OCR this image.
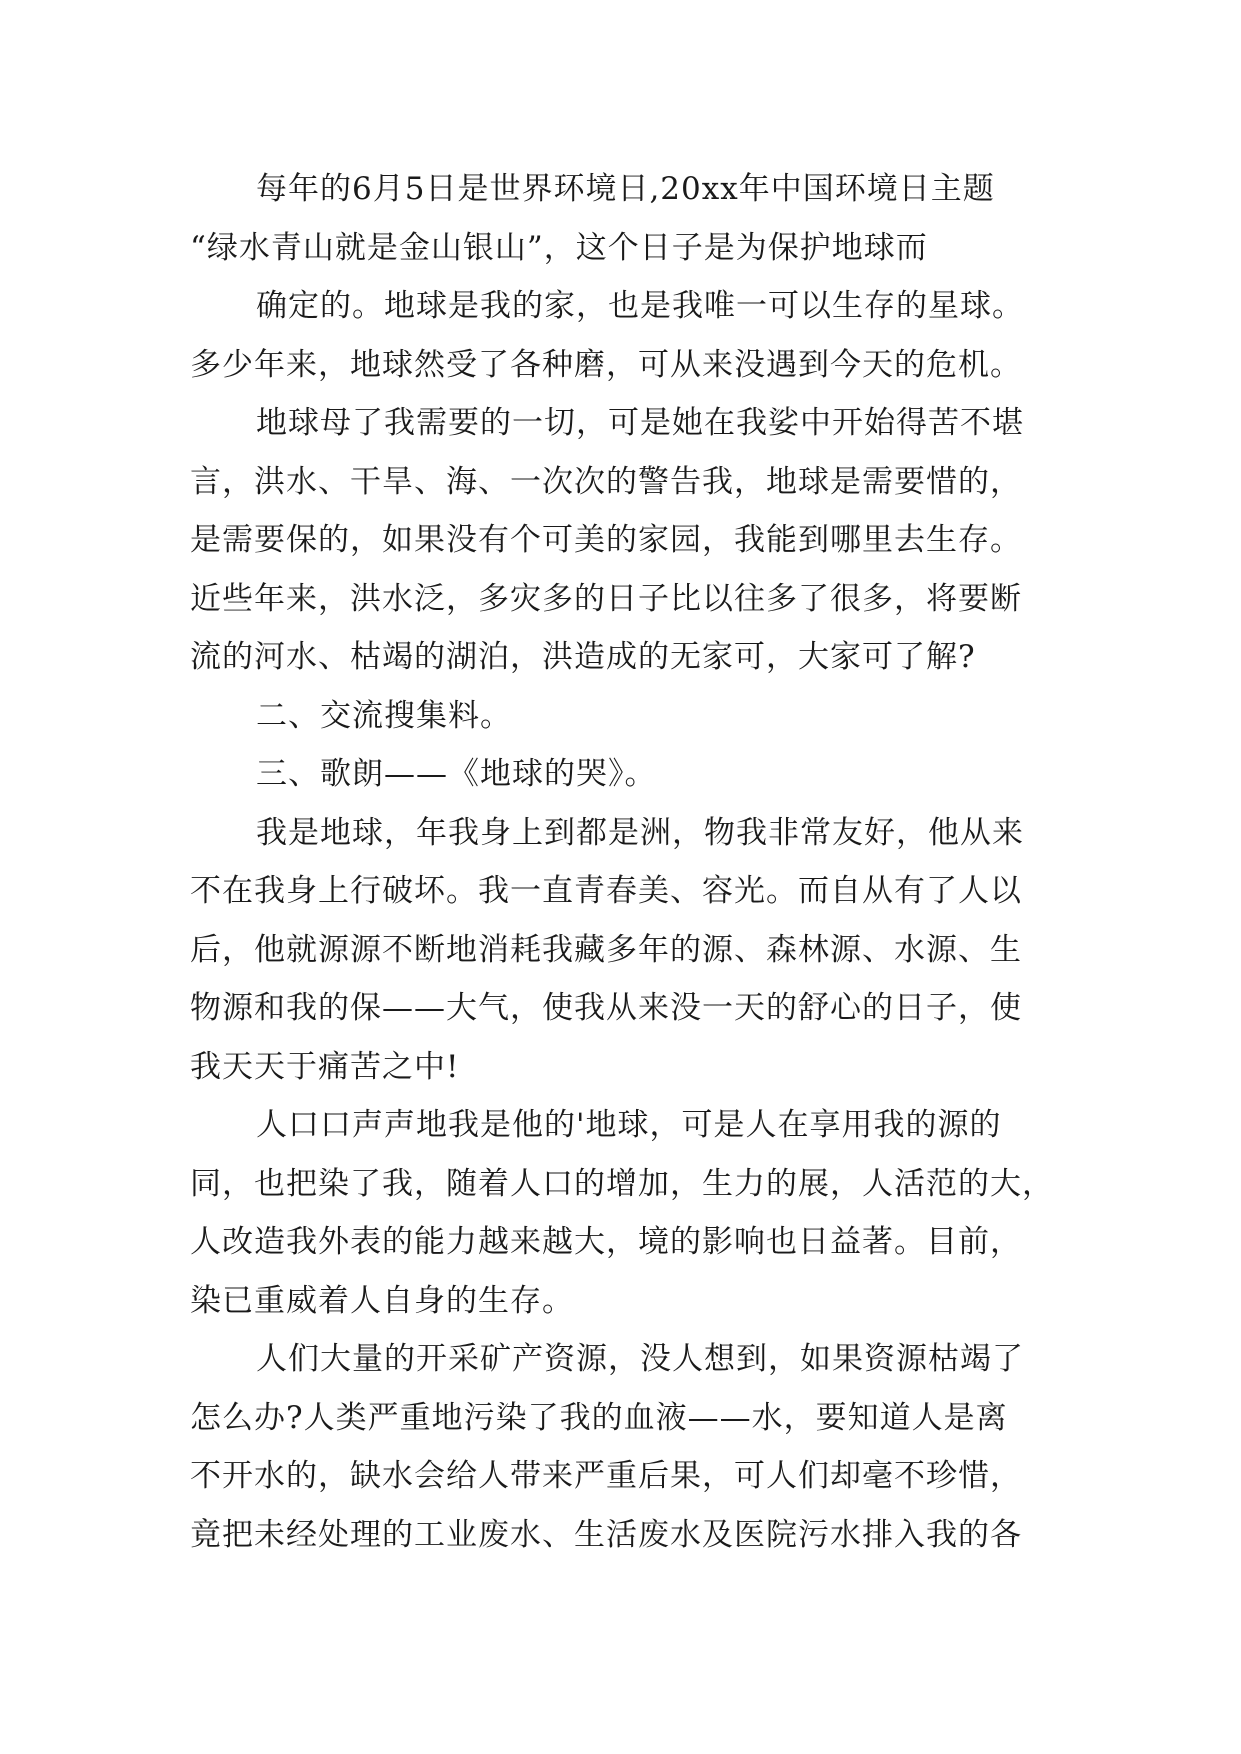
每年的6月5日是世界环境日,20xx年中国环境日主题
“绿水青山就是金山银山”，这个日子是为保护地球而
确定的。地球是我的家，也是我唯一可以生存的星球。
多少年来，地球然受了各种磨，可从来没遇到今天的危机。
地球母了我需要的一切，可是她在我娑中开始得苦不堪
言，洪水、干旱、海、一次次的警告我，地球是需要惜的，
是需要保的，如果没有个可美的家园，我能到哪里去生存。
近些年来，洪水泛，多灾多的日子比以往多了很多，将要断
流的河水、枯竭的湖泊，洪造成的无家可，大家可了解?
二、交流搜集料。
三、歌朗——《地球的哭》。
我是地球，年我身上到都是洲，物我非常友好，他从来
不在我身上行破坏。我一直青春美、容光。而自从有了人以
后，他就源源不断地消耗我藏多年的源、森林源、水源、生
物源和我的保——大气，使我从来没一天的舒心的日子，使
我天天于痛苦之中!
人口口声声地我是他的'地球，可是人在享用我的源的
同，也把染了我，随着人口的增加，生力的展，人活范的大，
人改造我外表的能力越来越大，境的影响也日益著。目前，
染已重威着人自身的生存。
人们大量的开采矿产资源，没人想到，如果资源枯竭了
怎么办?人类严重地污染了我的血液——水，要知道人是离
不开水的，缺水会给人带来严重后果，可人们却毫不珍惜，
竟把未经处理的工业废水、生活废水及医院污水排入我的各
